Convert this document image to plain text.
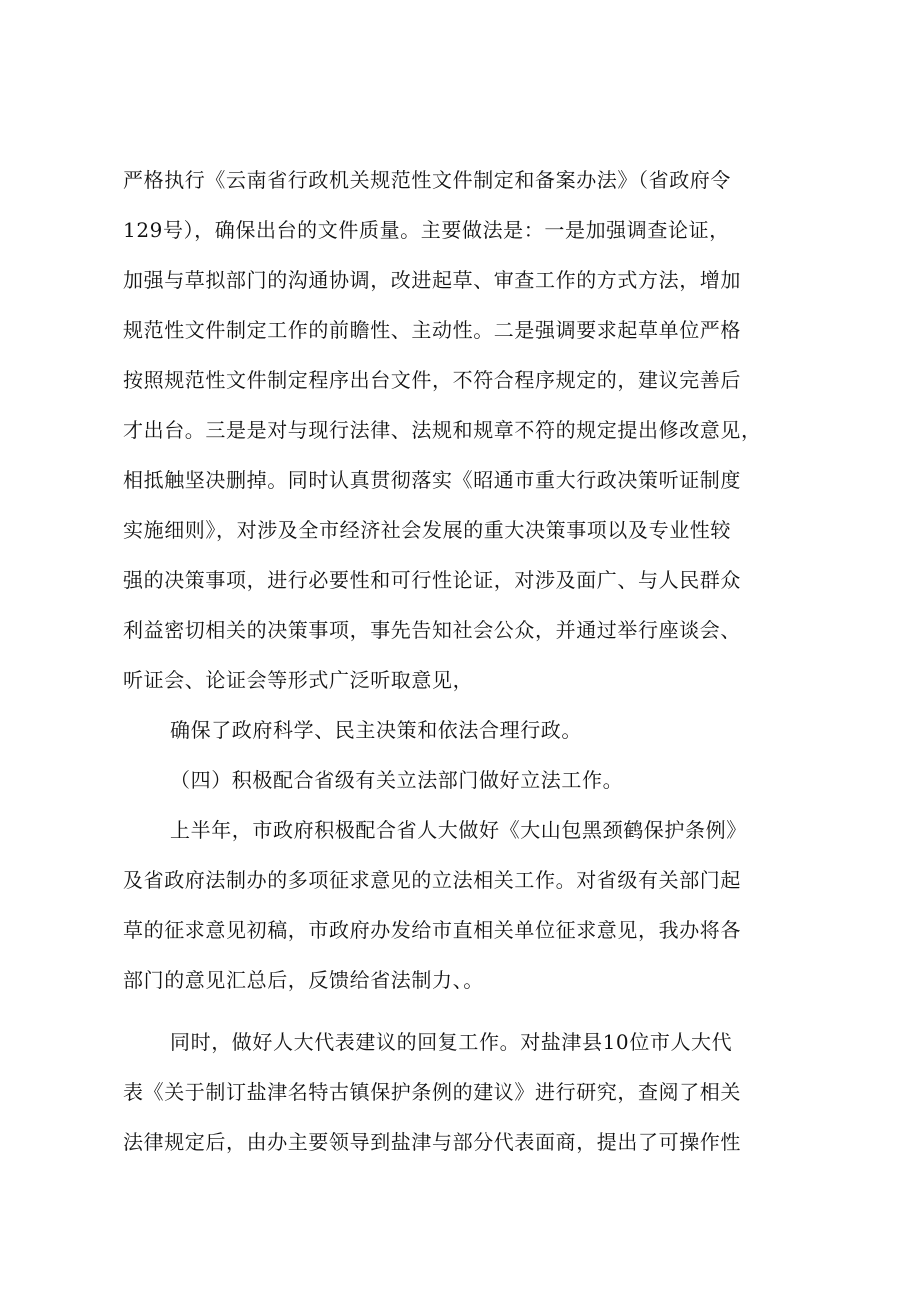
严格执行《云南省行政机关规范性文件制定和备案办法》（省政府令
129号），确保出台的文件质量。主要做法是：一是加强调查论证，
加强与草拟部门的沟通协调，改进起草、审查工作的方式方法，增加
规范性文件制定工作的前瞻性、主动性。二是强调要求起草单位严格
按照规范性文件制定程序出台文件，不符合程序规定的，建议完善后
才出台。三是是对与现行法律、法规和规章不符的规定提出修改意见，
相抵触坚决删掉。同时认真贯彻落实《昭通市重大行政决策听证制度
实施细则》，对涉及全市经济社会发展的重大决策事项以及专业性较
强的决策事项，进行必要性和可行性论证，对涉及面广、与人民群众
利益密切相关的决策事项，事先告知社会公众，并通过举行座谈会、
听证会、论证会等形式广泛听取意见，
确保了政府科学、民主决策和依法合理行政。
（四）积极配合省级有关立法部门做好立法工作。
上半年，市政府积极配合省人大做好《大山包黑颈鹤保护条例》
及省政府法制办的多项征求意见的立法相关工作。对省级有关部门起
草的征求意见初稿，市政府办发给市直相关单位征求意见，我办将各
部门的意见汇总后，反馈给省法制力、。
同时，做好人大代表建议的回复工作。对盐津县10位市人大代
表《关于制订盐津名特古镇保护条例的建议》进行研究，查阅了相关
法律规定后，由办主要领导到盐津与部分代表面商，提出了可操作性
